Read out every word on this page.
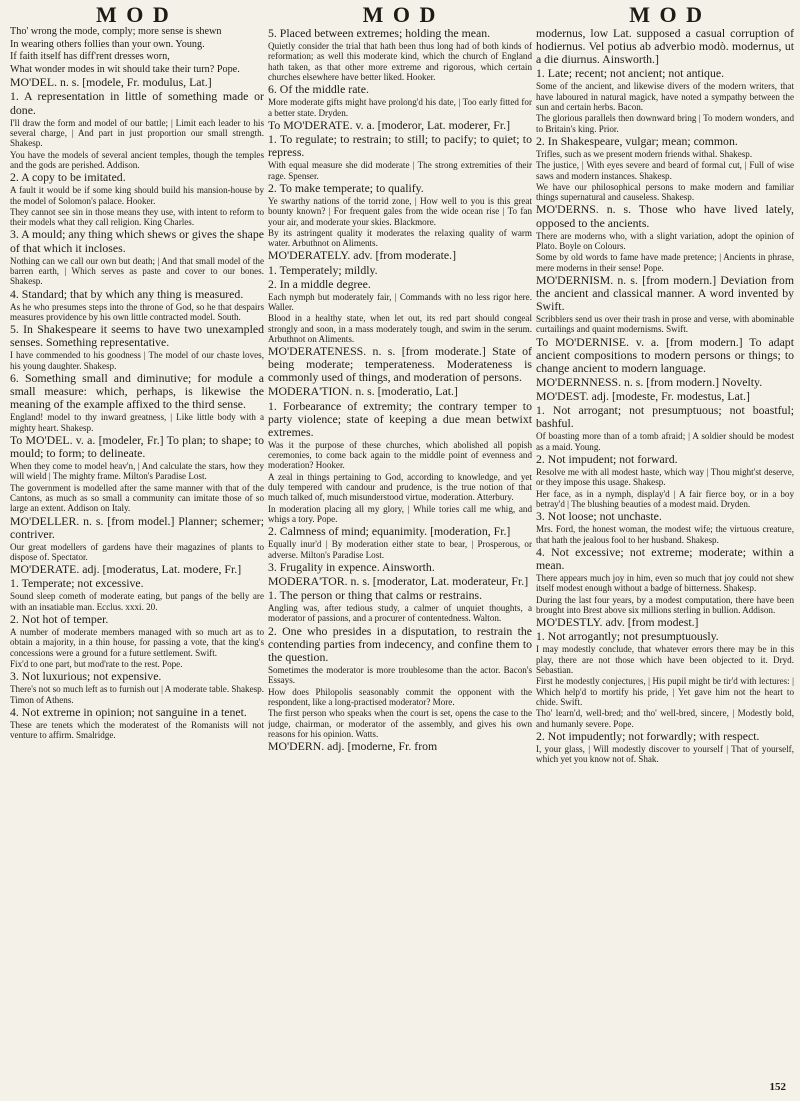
M O D	M O D	M O D
Tho' wrong the mode, comply; more sense is shewn
In wearing others follies than your own. Young.
If faith itself has diff'rent dresses worn,
What wonder modes in wit should take their turn? Pope.
MO'DEL. n. s. [modele, Fr. modulus, Lat.]
1. A representation in little of something made or done.
I'll draw the form and model of our battle; | Limit each leader to his several charge, | And part in just proportion our small strength. Shakesp.
You have the models of several ancient temples, though the temples and the gods are perished. Addison.
2. A copy to be imitated.
A fault it would be if some king should build his mansion-house by the model of Solomon's palace. Hooker.
They cannot see sin in those means they use, with intent to reform to their models what they call religion. King Charles.
3. A mould; any thing which shews or gives the shape of that which it incloses.
Nothing can we call our own but death; | And that small model of the barren earth, | Which serves as paste and cover to our bones. Shakesp.
4. Standard; that by which any thing is measured.
As he who presumes steps into the throne of God, so he that despairs measures providence by his own little contracted model. South.
5. In Shakespeare it seems to have two unexampled senses. Something representative.
I have commended to his goodness | The model of our chaste loves, his young daughter. Shakesp.
6. Something small and diminutive; for module a small measure: which, perhaps, is likewise the meaning of the example affixed to the third sense.
England! model to thy inward greatness, | Like little body with a mighty heart. Shakesp.
To MO'DEL. v. a. [modeler, Fr.] To plan; to shape; to mould; to form; to delineate.
When they come to model heav'n, | And calculate the stars, how they will wield | The mighty frame. Milton's Paradise Lost.
The government is modelled after the same manner with that of the Cantons, as much as so small a community can imitate those of so large an extent. Addison on Italy.
MO'DELLER. n. s. [from model.] Planner; schemer; contriver.
Our great modellers of gardens have their magazines of plants to dispose of. Spectator.
MO'DERATE. adj. [moderatus, Lat. modere, Fr.]
1. Temperate; not excessive.
Sound sleep cometh of moderate eating, but pangs of the belly are with an insatiable man. Ecclus. xxxi. 20.
2. Not hot of temper.
A number of moderate members managed with so much art as to obtain a majority, in a thin house, for passing a vote, that the king's concessions were a ground for a future settlement. Swift.
Fix'd to one part, but mod'rate to the rest. Pope.
3. Not luxurious; not expensive.
There's not so much left as to furnish out | A moderate table. Shakesp. Timon of Athens.
4. Not extreme in opinion; not sanguine in a tenet.
These are tenets which the moderatest of the Romanists will not venture to affirm. Smalridge.
5. Placed between extremes; holding the mean.
Quietly consider the trial that hath been thus long had of both kinds of reformation; as well this moderate kind, which the church of England hath taken, as that other more extreme and rigorous, which certain churches elsewhere have better liked. Hooker.
6. Of the middle rate.
More moderate gifts might have prolong'd his date, | Too early fitted for a better state. Dryden.
To MO'DERATE. v. a. [moderor, Lat. moderer, Fr.]
1. To regulate; to restrain; to still; to pacify; to quiet; to repress.
With equal measure she did moderate | The strong extremities of their rage. Spenser.
2. To make temperate; to qualify.
Ye swarthy nations of the torrid zone, | How well to you is this great bounty known? | For frequent gales from the wide ocean rise | To fan your air, and moderate your skies. Blackmore.
By its astringent quality it moderates the relaxing quality of warm water. Arbuthnot on Aliments.
MO'DERATELY. adv. [from moderate.]
1. Temperately; mildly.
2. In a middle degree.
Each nymph but moderately fair, | Commands with no less rigor here. Waller.
Blood in a healthy state, when let out, its red part should congeal strongly and soon, in a mass moderately tough, and swim in the serum. Arbuthnot on Aliments.
MO'DERATENESS. n. s. [from moderate.] State of being moderate; temperateness. Moderateness is commonly used of things, and moderation of persons.
MODERA'TION. n. s. [moderatio, Lat.]
1. Forbearance of extremity; the contrary temper to party violence; state of keeping a due mean betwixt extremes.
Was it the purpose of these churches, which abolished all popish ceremonies, to come back again to the middle point of evenness and moderation? Hooker.
A zeal in things pertaining to God, according to knowledge, and yet duly tempered with candour and prudence, is the true notion of that much talked of, much misunderstood virtue, moderation. Atterbury.
In moderation placing all my glory, | While tories call me whig, and whigs a tory. Pope.
2. Calmness of mind; equanimity. [moderation, Fr.]
Equally inur'd | By moderation either state to bear, | Prosperous, or adverse. Milton's Paradise Lost.
3. Frugality in expence. Ainsworth.
MODERA'TOR. n. s. [moderator, Lat. moderateur, Fr.]
1. The person or thing that calms or restrains.
Angling was, after tedious study, a calmer of unquiet thoughts, a moderator of passions, and a procurer of contentedness. Walton.
2. One who presides in a disputation, to restrain the contending parties from indecency, and confine them to the question.
Sometimes the moderator is more troublesome than the actor. Bacon's Essays.
How does Philopolis seasonably commit the opponent with the respondent, like a long-practised moderator? More.
The first person who speaks when the court is set, opens the case to the judge, chairman, or moderator of the assembly, and gives his own reasons for his opinion. Watts.
MO'DERN. adj. [moderne, Fr. from
modernus, low Lat. supposed a casual corruption of hodiernus. Vel potius ab adverbio modò. modernus, ut a die diurnus. Ainsworth.]
1. Late; recent; not ancient; not antique.
Some of the ancient, and likewise divers of the modern writers, that have laboured in natural magick, have noted a sympathy between the sun and certain herbs. Bacon.
The glorious parallels then downward bring | To modern wonders, and to Britain's king. Prior.
2. In Shakespeare, vulgar; mean; common.
Trifles, such as we present modern friends withal. Shakesp.
The justice, | With eyes severe and beard of formal cut, | Full of wise saws and modern instances. Shakesp.
We have our philosophical persons to make modern and familiar things supernatural and causeless. Shakesp.
MO'DERNS. n. s. Those who have lived lately, opposed to the ancients.
There are moderns who, with a slight variation, adopt the opinion of Plato. Boyle on Colours.
Some by old words to fame have made pretence; | Ancients in phrase, mere moderns in their sense! Pope.
MO'DERNISM. n. s. [from modern.] Deviation from the ancient and classical manner. A word invented by Swift.
Scribblers send us over their trash in prose and verse, with abominable curtailings and quaint modernisms. Swift.
To MO'DERNISE. v. a. [from modern.] To adapt ancient compositions to modern persons or things; to change ancient to modern language.
MO'DERNNESS. n. s. [from modern.] Novelty.
MO'DEST. adj. [modeste, Fr. modestus, Lat.]
1. Not arrogant; not presumptuous; not boastful; bashful.
Of boasting more than of a tomb afraid; | A soldier should be modest as a maid. Young.
2. Not impudent; not forward.
Resolve me with all modest haste, which way | Thou might'st deserve, or they impose this usage. Shakesp.
Her face, as in a nymph, display'd | A fair fierce boy, or in a boy betray'd | The blushing beauties of a modest maid. Dryden.
3. Not loose; not unchaste.
Mrs. Ford, the honest woman, the modest wife; the virtuous creature, that hath the jealous fool to her husband. Shakesp.
4. Not excessive; not extreme; moderate; within a mean.
There appears much joy in him, even so much that joy could not shew itself modest enough without a badge of bitterness. Shakesp.
During the last four years, by a modest computation, there have been brought into Brest above six millions sterling in bullion. Addison.
MO'DESTLY. adv. [from modest.]
1. Not arrogantly; not presumptuously.
I may modestly conclude, that whatever errors there may be in this play, there are not those which have been objected to it. Dryd. Sebastian.
First he modestly conjectures, | His pupil might be tir'd with lectures: | Which help'd to mortify his pride, | Yet gave him not the heart to chide. Swift.
Tho' learn'd, well-bred; and tho' well-bred, sincere, | Modestly bold, and humanly severe. Pope.
2. Not impudently; not forwardly; with respect.
I, your glass, | Will modestly discover to yourself | That of yourself, which yet you know not of. Shak.
152
